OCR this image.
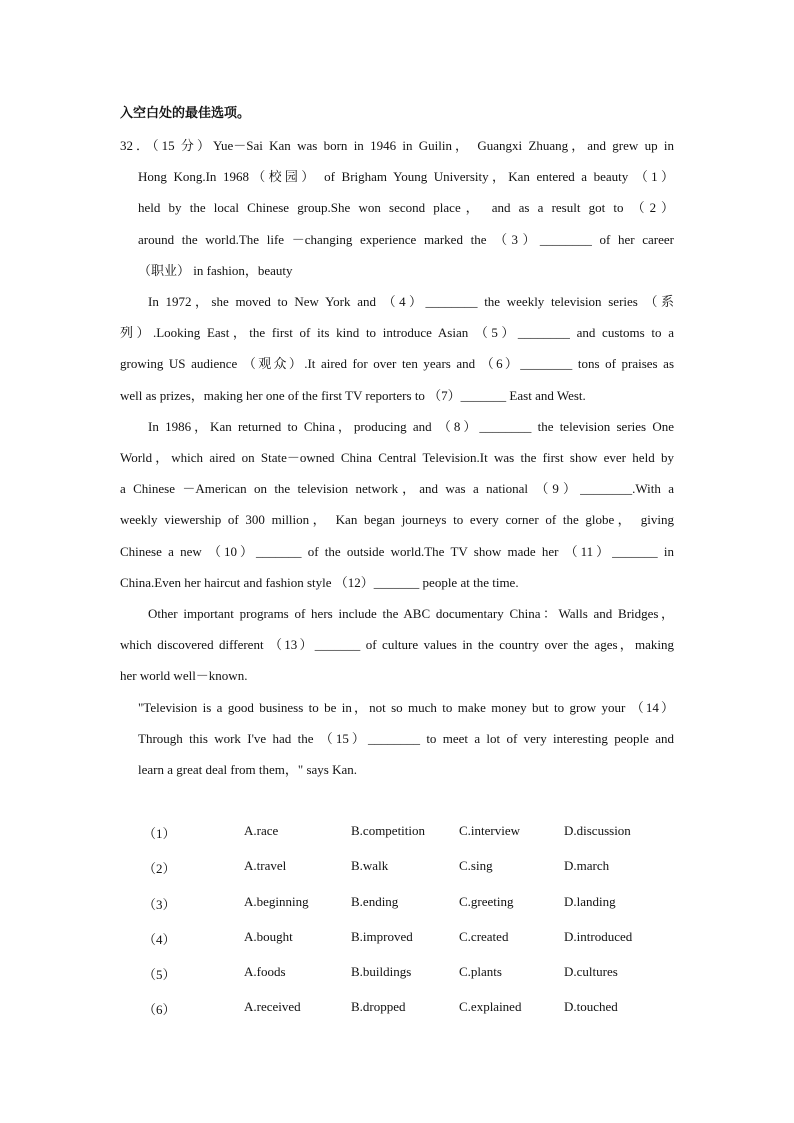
入空白处的最佳选项。
32．（15 分）Yue－Sai Kan was born in 1946 in Guilin， Guangxi Zhuang，and grew up in
Hong Kong.In 1968（校园） of Brigham Young University，Kan entered a beauty （1）
held by the local Chinese group.She won second place， and as a result got to （2）
around the world.The life －changing experience marked the （3）________ of her career
（职业） in fashion，beauty
In 1972，she moved to New York and （4）________ the weekly television series （系
列）.Looking East，the first of its kind to introduce Asian （5）________ and customs to a
growing US audience （观众）.It aired for over ten years and （6）________ tons of praises as
well as prizes，making her one of the first TV reporters to （7）_______ East and West.
In 1986，Kan returned to China，producing and （8）________ the television series One
World，which aired on State－owned China Central Television.It was the first show ever held by
a Chinese －American on the television network，and was a national （9）________.With a
weekly viewership of 300 million， Kan began journeys to every corner of the globe， giving
Chinese a new （10）_______ of the outside world.The TV show made her （11）_______ in
China.Even her haircut and fashion style （12）_______ people at the time.
Other important programs of hers include the ABC documentary China：Walls and Bridges，
which discovered different （13）_______ of culture values in the country over the ages，making
her world well－known.
"Television is a good business to be in，not so much to make money but to grow your （14）
Through this work I've had the （15）________ to meet a lot of very interesting people and
learn a great deal from them，" says Kan.
（1）	A.race	B.competition	C.interview	D.discussion
（2）	A.travel	B.walk	C.sing	D.march
（3）	A.beginning	B.ending	C.greeting	D.landing
（4）	A.bought	B.improved	C.created	D.introduced
（5）	A.foods	B.buildings	C.plants	D.cultures
（6）	A.received	B.dropped	C.explained	D.touched
